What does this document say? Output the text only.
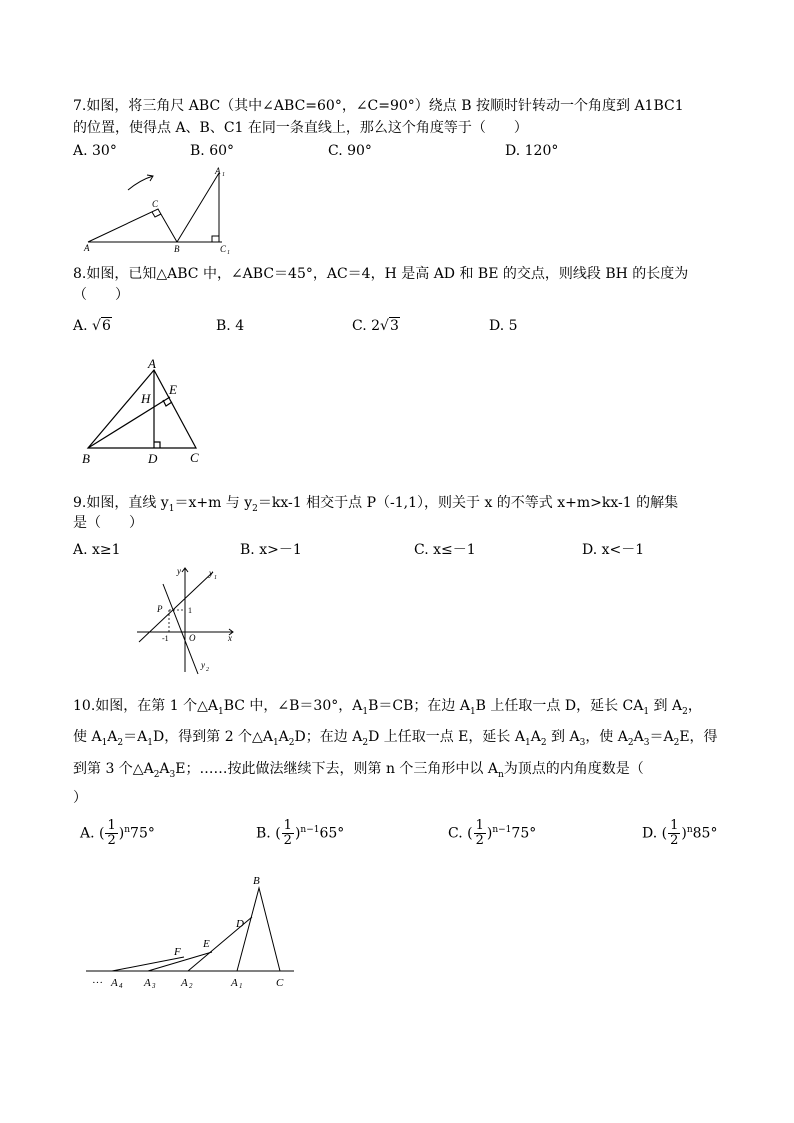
7.如图，将三角尺 ABC（其中∠ABC=60°，∠C=90°）绕点 B 按顺时针转动一个角度到 A1BC1
的位置，使得点 A、B、C1 在同一条直线上，那么这个角度等于（　　）
A. 30°	B. 60°	C. 90°	D. 120°
A	B
C
A 1
C 1
8.如图，已知△ABC 中，∠ABC＝45°，AC＝4，H 是高 AD 和 BE 的交点，则线段 BH 的长度为
（　　）
A. √6	B. 4	C. 2√3	D. 5
A
B	C
D
E
H
9.如图，直线 $y_1=x+m$ 与 $y_2=kx-1$ 相交于点 P（-1,1），则关于 x 的不等式 x+m>kx-1 的解集
是（　　）
A. x≥1	B. x>－1	C. x≤－1	D. x<－1
y
x
O
P
y 1
y 2
1
-1
10.如图，在第 1 个$\triangle A_1BC$ 中，∠B＝30°，$A_1B=CB$；在边 $A_1B$ 上任取一点 D，延长 $CA_1$ 到 $A_2$，
使 $A_1A_2=A_1D$，得到第 2 个$\triangle A_1A_2D$；在边 $A_2D$ 上任取一点 E，延长 $A_1A_2$ 到 $A_3$，使 $A_2A_3=A_2E$，得
到第 3 个$\triangle A_2A_3E$；……按此做法继续下去，则第 n 个三角形中以 $A_n$为顶点的内角度数是（
）
A. ( $\frac{1}{2} )^n75^\circ$	B. ( $\frac{1}{2} )^{n-1}65^\circ$	C. ( $\frac{1}{2} )^{n-1}75^\circ$	D. ( $\frac{1}{2} )^n85^\circ$
B
D
E
F
C
A 1
A 2
A 3
A 4
···
